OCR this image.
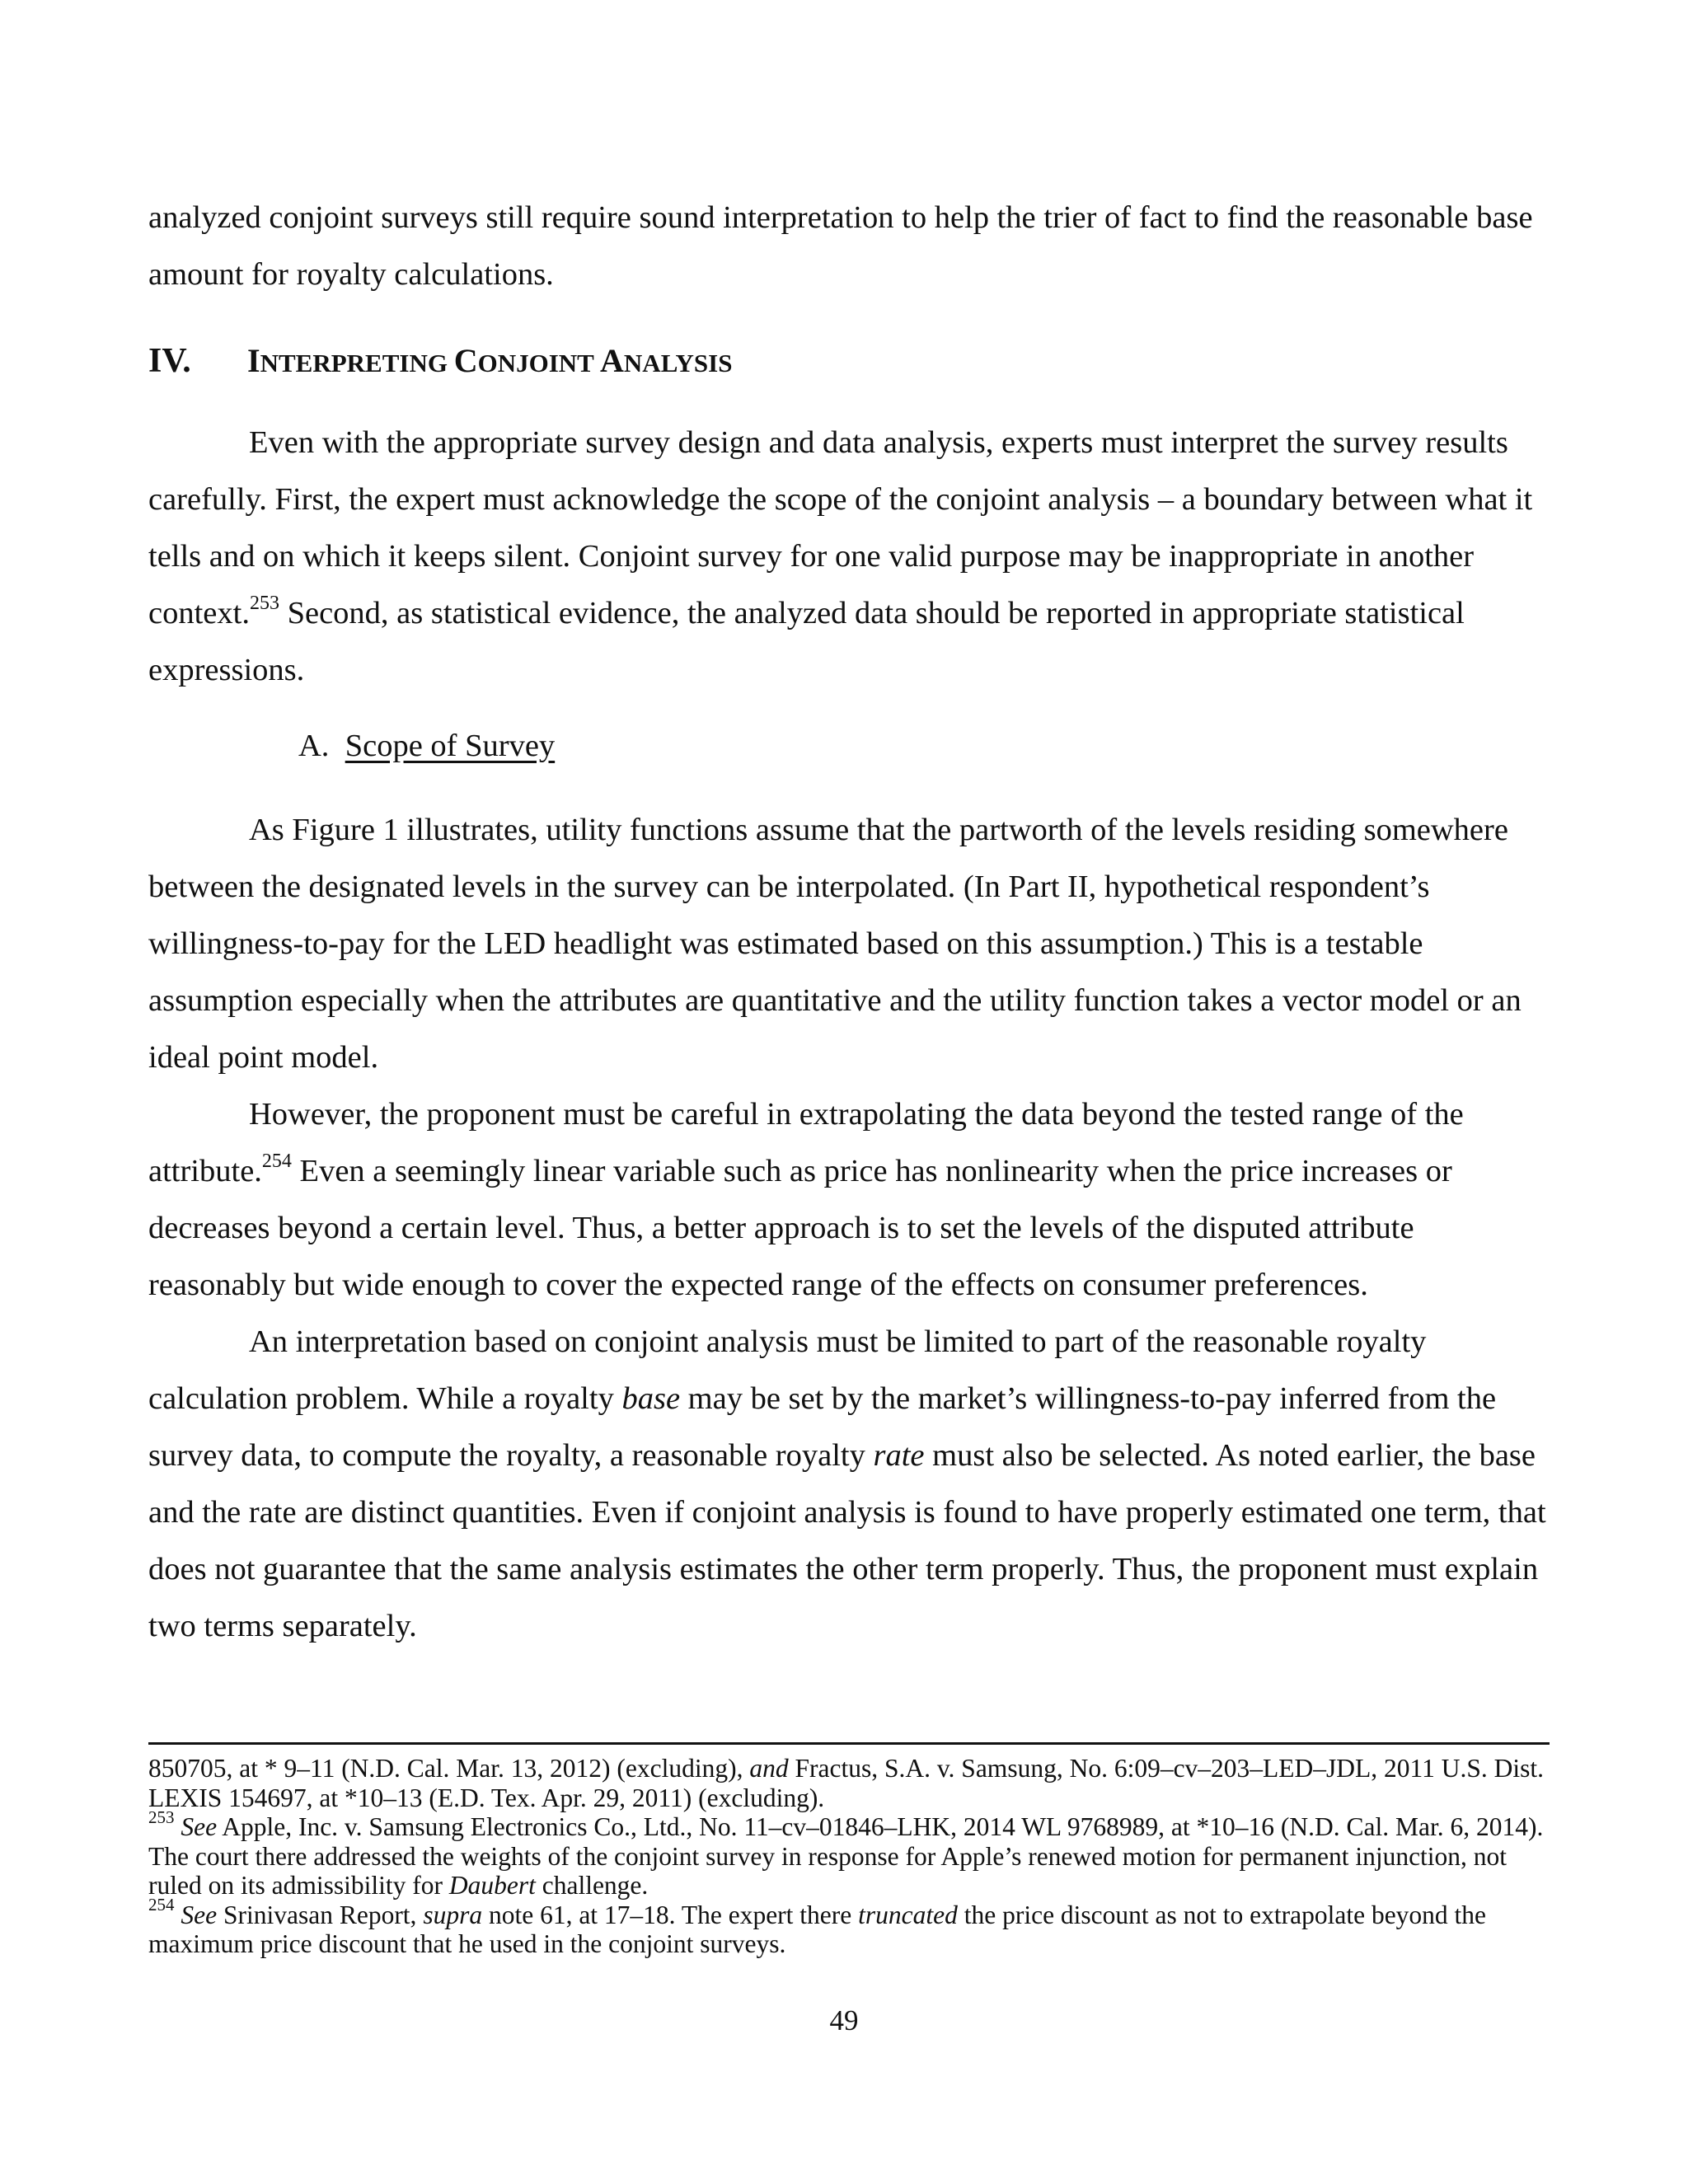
analyzed conjoint surveys still require sound interpretation to help the trier of fact to find the reasonable base amount for royalty calculations.

IV. INTERPRETING CONJOINT ANALYSIS

Even with the appropriate survey design and data analysis, experts must interpret the survey results carefully. First, the expert must acknowledge the scope of the conjoint analysis – a boundary between what it tells and on which it keeps silent. Conjoint survey for one valid purpose may be inappropriate in another context.$^{253}$ Second, as statistical evidence, the analyzed data should be reported in appropriate statistical expressions.

A. Scope of Survey

As Figure 1 illustrates, utility functions assume that the partworth of the levels residing somewhere between the designated levels in the survey can be interpolated. (In Part II, hypothetical respondent’s willingness-to-pay for the LED headlight was estimated based on this assumption.) This is a testable assumption especially when the attributes are quantitative and the utility function takes a vector model or an ideal point model.

However, the proponent must be careful in extrapolating the data beyond the tested range of the attribute.$^{254}$ Even a seemingly linear variable such as price has nonlinearity when the price increases or decreases beyond a certain level. Thus, a better approach is to set the levels of the disputed attribute reasonably but wide enough to cover the expected range of the effects on consumer preferences.

An interpretation based on conjoint analysis must be limited to part of the reasonable royalty calculation problem. While a royalty base may be set by the market’s willingness-to-pay inferred from the survey data, to compute the royalty, a reasonable royalty rate must also be selected. As noted earlier, the base and the rate are distinct quantities. Even if conjoint analysis is found to have properly estimated one term, that does not guarantee that the same analysis estimates the other term properly. Thus, the proponent must explain two terms separately.

850705, at * 9–11 (N.D. Cal. Mar. 13, 2012) (excluding), and Fractus, S.A. v. Samsung, No. 6:09–cv–203–LED–JDL, 2011 U.S. Dist. LEXIS 154697, at *10–13 (E.D. Tex. Apr. 29, 2011) (excluding).

$^{253}$ See Apple, Inc. v. Samsung Electronics Co., Ltd., No. 11–cv–01846–LHK, 2014 WL 9768989, at *10–16 (N.D. Cal. Mar. 6, 2014). The court there addressed the weights of the conjoint survey in response for Apple’s renewed motion for permanent injunction, not ruled on its admissibility for Daubert challenge.

$^{254}$ See Srinivasan Report, supra note 61, at 17–18. The expert there truncated the price discount as not to extrapolate beyond the maximum price discount that he used in the conjoint surveys.

49
